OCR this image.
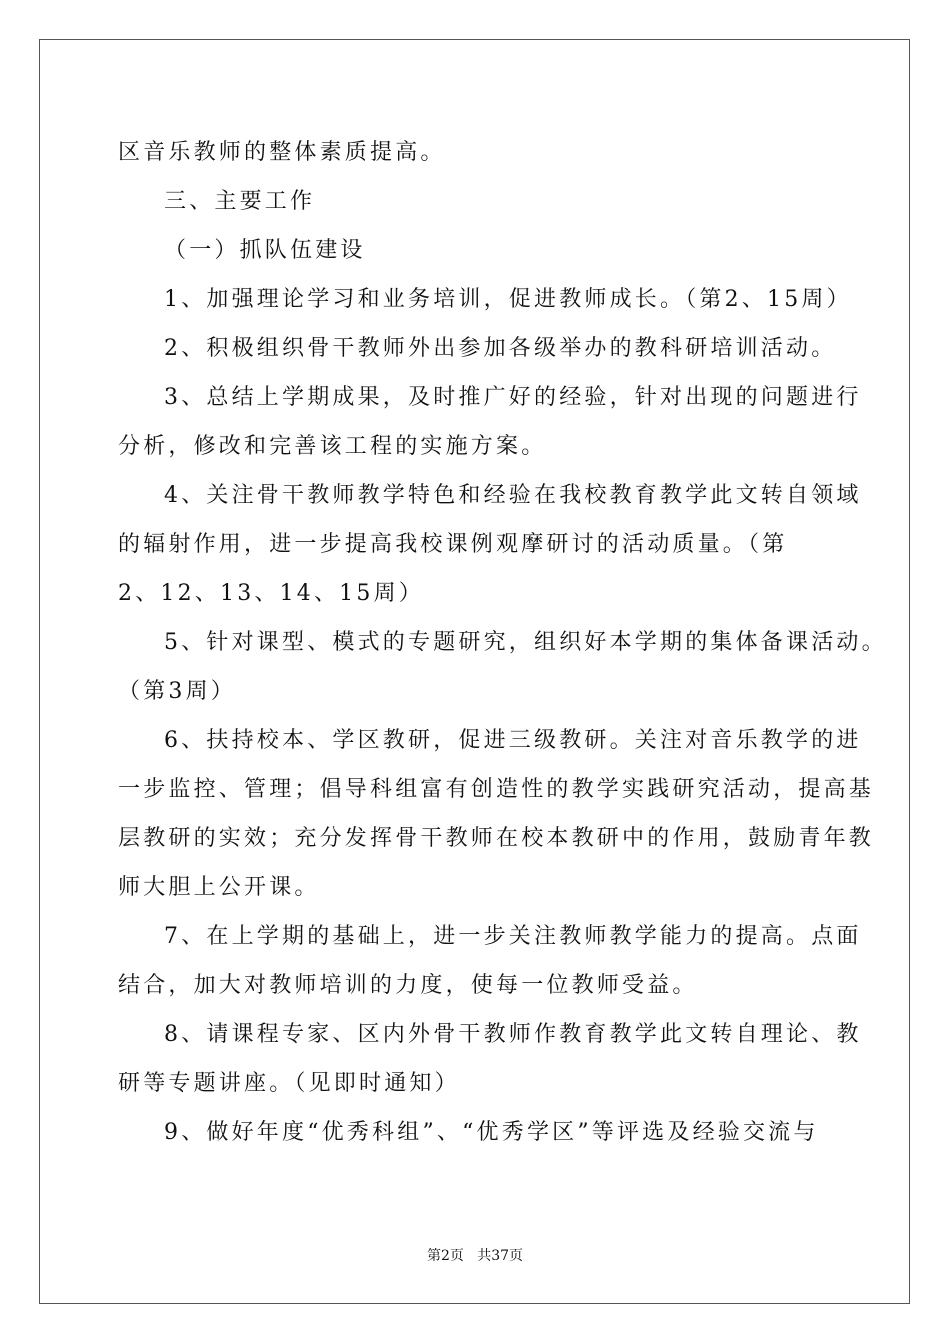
区音乐教师的整体素质提高。
三、主要工作
（一）抓队伍建设
1、加强理论学习和业务培训，促进教师成长。（第2、15周）
2、积极组织骨干教师外出参加各级举办的教科研培训活动。
3、总结上学期成果，及时推广好的经验，针对出现的问题进行
分析，修改和完善该工程的实施方案。
4、关注骨干教师教学特色和经验在我校教育教学此文转自领域
的辐射作用，进一步提高我校课例观摩研讨的活动质量。（第
2、12、13、14、15周）
5、针对课型、模式的专题研究，组织好本学期的集体备课活动。
（第3周）
6、扶持校本、学区教研，促进三级教研。关注对音乐教学的进
一步监控、管理；倡导科组富有创造性的教学实践研究活动，提高基
层教研的实效；充分发挥骨干教师在校本教研中的作用，鼓励青年教
师大胆上公开课。
7、在上学期的基础上，进一步关注教师教学能力的提高。点面
结合，加大对教师培训的力度，使每一位教师受益。
8、请课程专家、区内外骨干教师作教育教学此文转自理论、教
研等专题讲座。（见即时通知）
9、做好年度“优秀科组”、“优秀学区”等评选及经验交流与
第2页   共37页
